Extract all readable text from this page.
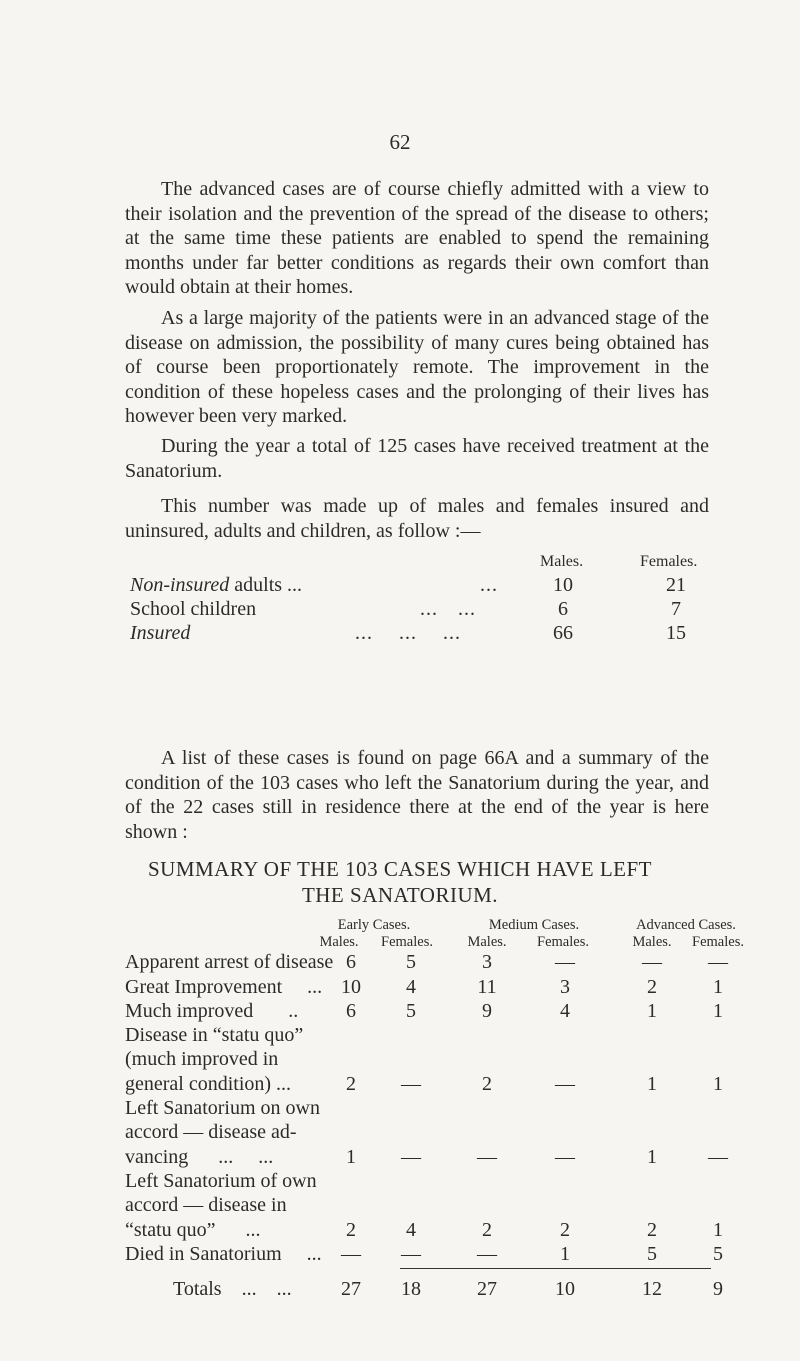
62
The advanced cases are of course chiefly admitted with a view to their isolation and the prevention of the spread of the disease to others; at the same time these patients are enabled to spend the remaining months under far better conditions as regards their own comfort than would obtain at their homes.
As a large majority of the patients were in an advanced stage of the disease on admission, the possibility of many cures being obtained has of course been proportionately remote. The improvement in the condition of these hopeless cases and the prolonging of their lives has however been very marked.
During the year a total of 125 cases have received treatment at the Sanatorium.
This number was made up of males and females insured and uninsured, adults and children, as follow :—
Males.	Females.
Non-insured adults ...	...	10	21
School children	... ...	6	7
Insured	... ... ...	66	15
A list of these cases is found on page 66A and a summary of the condition of the 103 cases who left the Sanatorium during the year, and of the 22 cases still in residence there at the end of the year is here shown :
SUMMARY OF THE 103 CASES WHICH HAVE LEFT
THE SANATORIUM.
Early Cases.	Medium Cases.	Advanced Cases.
Males.	Females.	Males.	Females.	Males.	Females.
Apparent arrest of disease 6	5	3	—	—	—
Great Improvement     ... 10	4	11	3	2	1
Much improved       ..	6	5	9	4	1	1
Disease in “statu quo”
(much improved in
general condition) ...	2	—	2	—	1	1
Left Sanatorium on own
accord — disease ad-
vancing      ...     ...	1	—	—	—	1	—
Left Sanatorium of own
accord — disease in
“statu quo”      ...	2	4	2	2	2	1
Died in Sanatorium     ... —	—	—	1	5	5
Totals    ...    ...	27	18	27	10	12	9
